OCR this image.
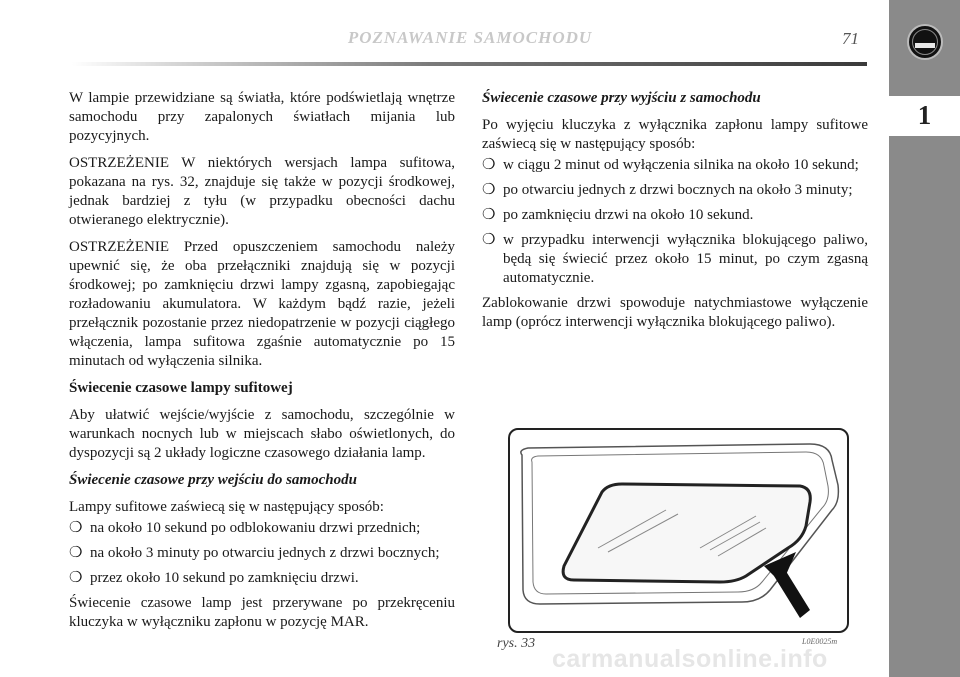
POZNAWANIE SAMOCHODU	71
1

W lampie przewidziane są światła, które podświetlają wnętrze samochodu przy zapalonych światłach mijania lub pozycyjnych.

OSTRZEŻENIE W niektórych wersjach lampa sufitowa, pokazana na rys. 32, znajduje się także w pozycji środkowej, jednak bardziej z tyłu (w przypadku obecności dachu otwieranego elektrycznie).

OSTRZEŻENIE Przed opuszczeniem samochodu należy upewnić się, że oba przełączniki znajdują się w pozycji środkowej; po zamknięciu drzwi lampy zgasną, zapobiegając rozładowaniu akumulatora. W każdym bądź razie, jeżeli przełącznik pozostanie przez niedopatrzenie w pozycji ciągłego włączenia, lampa sufitowa zgaśnie automatycznie po 15 minutach od wyłączenia silnika.

Świecenie czasowe lampy sufitowej

Aby ułatwić wejście/wyjście z samochodu, szczególnie w warunkach nocnych lub w miejscach słabo oświetlonych, do dyspozycji są 2 układy logiczne czasowego działania lamp.

Świecenie czasowe przy wejściu do samochodu

Lampy sufitowe zaświecą się w następujący sposób:

❍ na około 10 sekund po odblokowaniu drzwi przednich;
❍ na około 3 minuty po otwarciu jednych z drzwi bocznych;
❍ przez około 10 sekund po zamknięciu drzwi.

Świecenie czasowe lamp jest przerywane po przekręceniu kluczyka w wyłączniku zapłonu w pozycję MAR.

Świecenie czasowe przy wyjściu z samochodu

Po wyjęciu kluczyka z wyłącznika zapłonu lampy sufitowe zaświecą się w następujący sposób:

❍ w ciągu 2 minut od wyłączenia silnika na około 10 sekund;
❍ po otwarciu jednych z drzwi bocznych na około 3 minuty;
❍ po zamknięciu drzwi na około 10 sekund.
❍ w przypadku interwencji wyłącznika blokującego paliwo, będą się świecić przez około 15 minut, po czym zgasną automatycznie.

Zablokowanie drzwi spowoduje natychmiastowe wyłączenie lamp (oprócz interwencji wyłącznika blokującego paliwo).

rys. 33	L0E0025m
carmanualsonline.info
